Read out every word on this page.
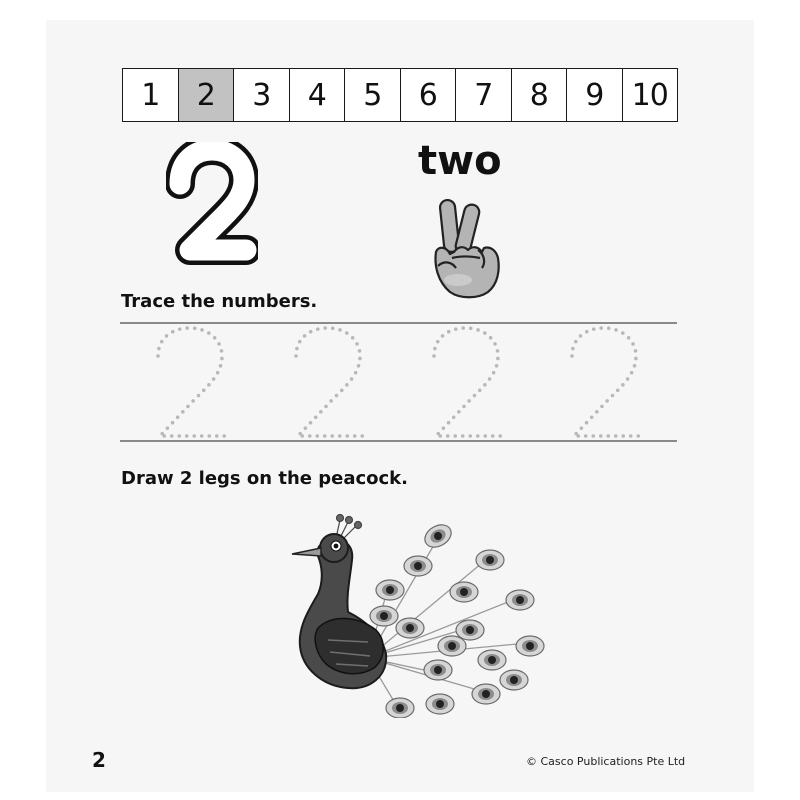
1	2	3	4	5	6	7	8	9 10
two
Trace the numbers.
Draw 2 legs on the peacock.
2	© Casco Publications Pte Ltd
